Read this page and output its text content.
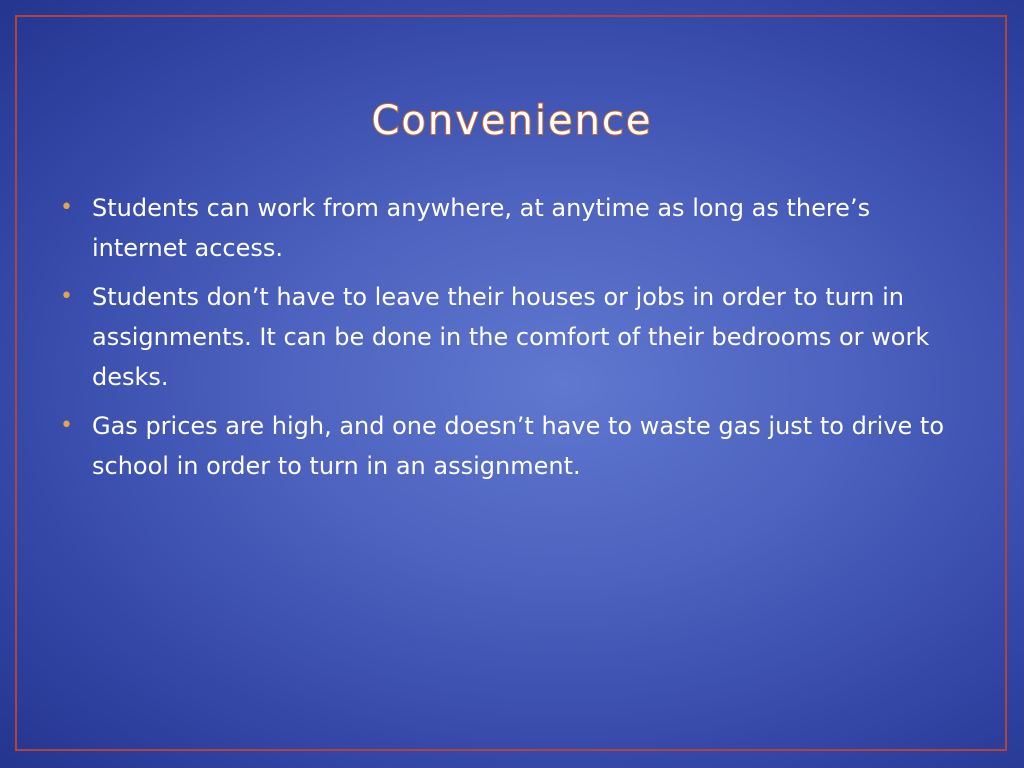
Convenience
• Students can work from anywhere, at anytime as long as there’s internet access.
• Students don’t have to leave their houses or jobs in order to turn in assignments. It can be done in the comfort of their bedrooms or work desks.
• Gas prices are high, and one doesn’t have to waste gas just to drive to school in order to turn in an assignment.
